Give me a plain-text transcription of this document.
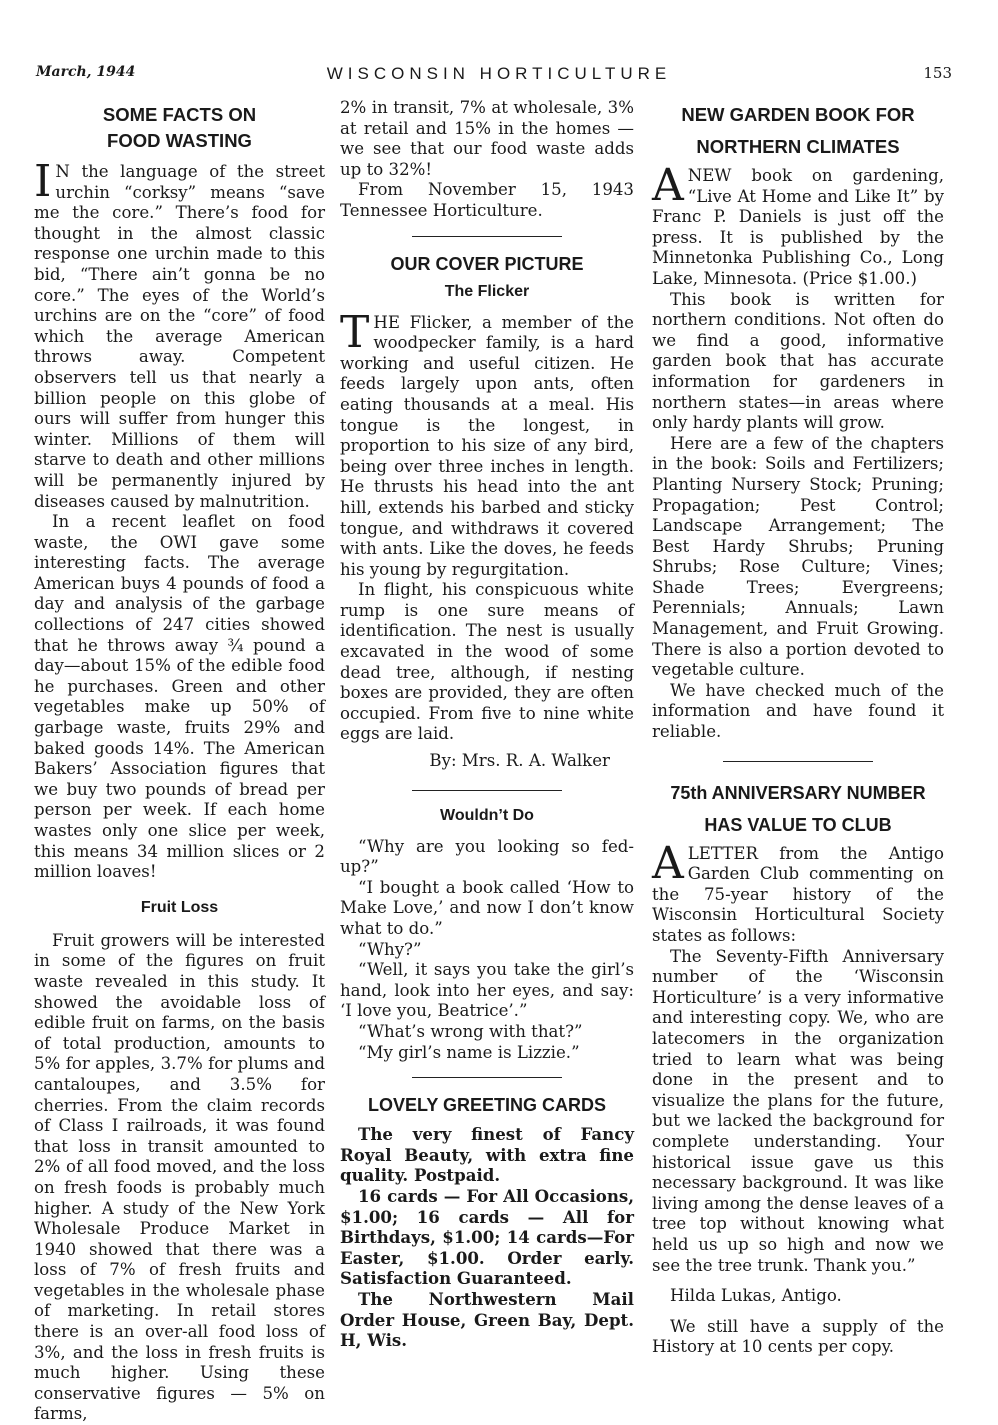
March, 1944	WISCONSIN HORTICULTURE	153
SOME FACTS ON
FOOD WASTING

I N the language of the street urchin “corksy” means “save me the core.” There’s food for thought in the almost classic response one urchin made to this bid, “There ain’t gonna be no core.” The eyes of the World’s urchins are on the “core” of food which the average American throws away. Competent observers tell us that nearly a billion people on this globe of ours will suffer from hunger this winter. Millions of them will starve to death and other millions will be permanently injured by diseases caused by malnutrition.

In a recent leaflet on food waste, the OWI gave some interesting facts. The average American buys 4 pounds of food a day and analysis of the garbage collections of 247 cities showed that he throws away ¾ pound a day—about 15% of the edible food he purchases. Green and other vegetables make up 50% of garbage waste, fruits 29% and baked goods 14%. The American Bakers’ Association figures that we buy two pounds of bread per person per week. If each home wastes only one slice per week, this means 34 million slices or 2 million loaves!

Fruit Loss

Fruit growers will be interested in some of the figures on fruit waste revealed in this study. It showed the avoidable loss of edible fruit on farms, on the basis of total production, amounts to 5% for apples, 3.7% for plums and cantaloupes, and 3.5% for cherries. From the claim records of Class I railroads, it was found that loss in transit amounted to 2% of all food moved, and the loss on fresh foods is probably much higher. A study of the New York Wholesale Produce Market in 1940 showed that there was a loss of 7% of fresh fruits and vegetables in the wholesale phase of marketing. In retail stores there is an over-all food loss of 3%, and the loss in fresh fruits is much higher. Using these conservative figures — 5% on farms,

2% in transit, 7% at wholesale, 3% at retail and 15% in the homes —we see that our food waste adds up to 32%!

From November 15, 1943 Tennessee Horticulture.

OUR COVER PICTURE
The Flicker

THE Flicker, a member of the woodpecker family, is a hard working and useful citizen. He feeds largely upon ants, often eating thousands at a meal. His tongue is the longest, in proportion to his size of any bird, being over three inches in length. He thrusts his head into the ant hill, extends his barbed and sticky tongue, and withdraws it covered with ants. Like the doves, he feeds his young by regurgitation.

In flight, his conspicuous white rump is one sure means of identification. The nest is usually excavated in the wood of some dead tree, although, if nesting boxes are provided, they are often occupied. From five to nine white eggs are laid.

By: Mrs. R. A. Walker

Wouldn’t Do

“Why are you looking so fed-up?”

“I bought a book called ‘How to Make Love,’ and now I don’t know what to do.”

“Why?”

“Well, it says you take the girl’s hand, look into her eyes, and say: ‘I love you, Beatrice’.”

“What’s wrong with that?”

“My girl’s name is Lizzie.”

LOVELY GREETING CARDS

The very finest of Fancy Royal Beauty, with extra fine quality. Postpaid.

16 cards — For All Occasions, $1.00; 16 cards — All for Birthdays, $1.00; 14 cards—For Easter, $1.00. Order early. Satisfaction Guaranteed.

The Northwestern Mail Order House, Green Bay, Dept. H, Wis.

NEW GARDEN BOOK FOR
NORTHERN CLIMATES

ANEW book on gardening, “Live At Home and Like It” by Franc P. Daniels is just off the press. It is published by the Minnetonka Publishing Co., Long Lake, Minnesota. (Price $1.00.)

This book is written for northern conditions. Not often do we find a good, informative garden book that has accurate information for gardeners in northern states—in areas where only hardy plants will grow.

Here are a few of the chapters in the book: Soils and Fertilizers; Planting Nursery Stock; Pruning; Propagation; Pest Control; Landscape Arrangement; The Best Hardy Shrubs; Pruning Shrubs; Rose Culture; Vines; Shade Trees; Evergreens; Perennials; Annuals; Lawn Management, and Fruit Growing. There is also a portion devoted to vegetable culture.

We have checked much of the information and have found it reliable.

75th ANNIVERSARY NUMBER
HAS VALUE TO CLUB

ALETTER from the Antigo Garden Club commenting on the 75-year history of the Wisconsin Horticultural Society states as follows:

The Seventy-Fifth Anniversary number of the ‘Wisconsin Horticulture’ is a very informative and interesting copy. We, who are latecomers in the organization tried to learn what was being done in the present and to visualize the plans for the future, but we lacked the background for complete understanding. Your historical issue gave us this necessary background. It was like living among the dense leaves of a tree top without knowing what held us up so high and now we see the tree trunk. Thank you.”

Hilda Lukas, Antigo.

We still have a supply of the History at 10 cents per copy.
